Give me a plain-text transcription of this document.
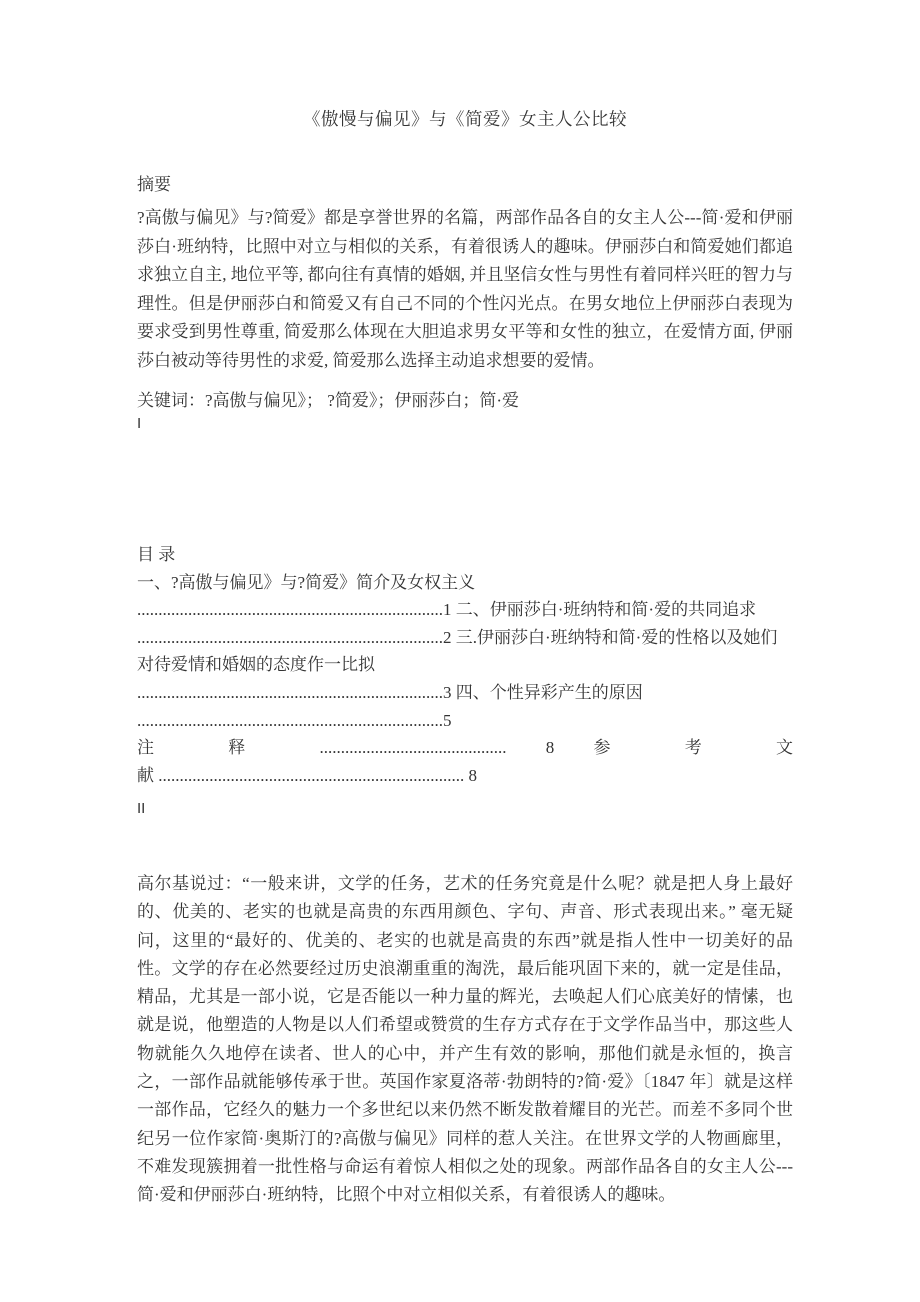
《傲慢与偏见》与《简爱》女主人公比较
摘要
?高傲与偏见》与?简爱》都是享誉世界的名篇，两部作品各自的女主人公---简·爱和伊丽莎白·班纳特，比照中对立与相似的关系，有着很诱人的趣味。伊丽莎白和简爱她们都追求独立自主, 地位平等, 都向往有真情的婚姻, 并且坚信女性与男性有着同样兴旺的智力与理性。但是伊丽莎白和简爱又有自己不同的个性闪光点。在男女地位上伊丽莎白表现为要求受到男性尊重, 简爱那么体现在大胆追求男女平等和女性的独立，在爱情方面, 伊丽莎白被动等待男性的求爱, 简爱那么选择主动追求想要的爱情。
关键词：?高傲与偏见》； ?简爱》；伊丽莎白；简·爱
I
目 录
一、?高傲与偏见》与?简爱》简介及女权主义
........................................................................1 二、伊丽莎白·班纳特和简·爱的共同追求
........................................................................2 三.伊丽莎白·班纳特和简·爱的性格以及她们
对待爱情和婚姻的态度作一比拟
........................................................................3 四、个性异彩产生的原因
........................................................................5
注 释 ............................................ 8 参 考 文
献 ........................................................................ 8
II
高尔基说过：“一般来讲，文学的任务，艺术的任务究竟是什么呢？就是把人身上最好的、优美的、老实的也就是高贵的东西用颜色、字句、声音、形式表现出来。” 毫无疑问，这里的“最好的、优美的、老实的也就是高贵的东西”就是指人性中一切美好的品性。文学的存在必然要经过历史浪潮重重的淘洗，最后能巩固下来的，就一定是佳品，精品，尤其是一部小说，它是否能以一种力量的辉光，去唤起人们心底美好的情愫，也就是说，他塑造的人物是以人们希望或赞赏的生存方式存在于文学作品当中，那这些人物就能久久地停在读者、世人的心中，并产生有效的影响，那他们就是永恒的，换言之，一部作品就能够传承于世。英国作家夏洛蒂·勃朗特的?简·爱》〔1847 年〕就是这样一部作品，它经久的魅力一个多世纪以来仍然不断发散着耀目的光芒。而差不多同个世纪另一位作家简·奥斯汀的?高傲与偏见》同样的惹人关注。在世界文学的人物画廊里，不难发现簇拥着一批性格与命运有着惊人相似之处的现象。两部作品各自的女主人公---简·爱和伊丽莎白·班纳特，比照个中对立相似关系，有着很诱人的趣味。
